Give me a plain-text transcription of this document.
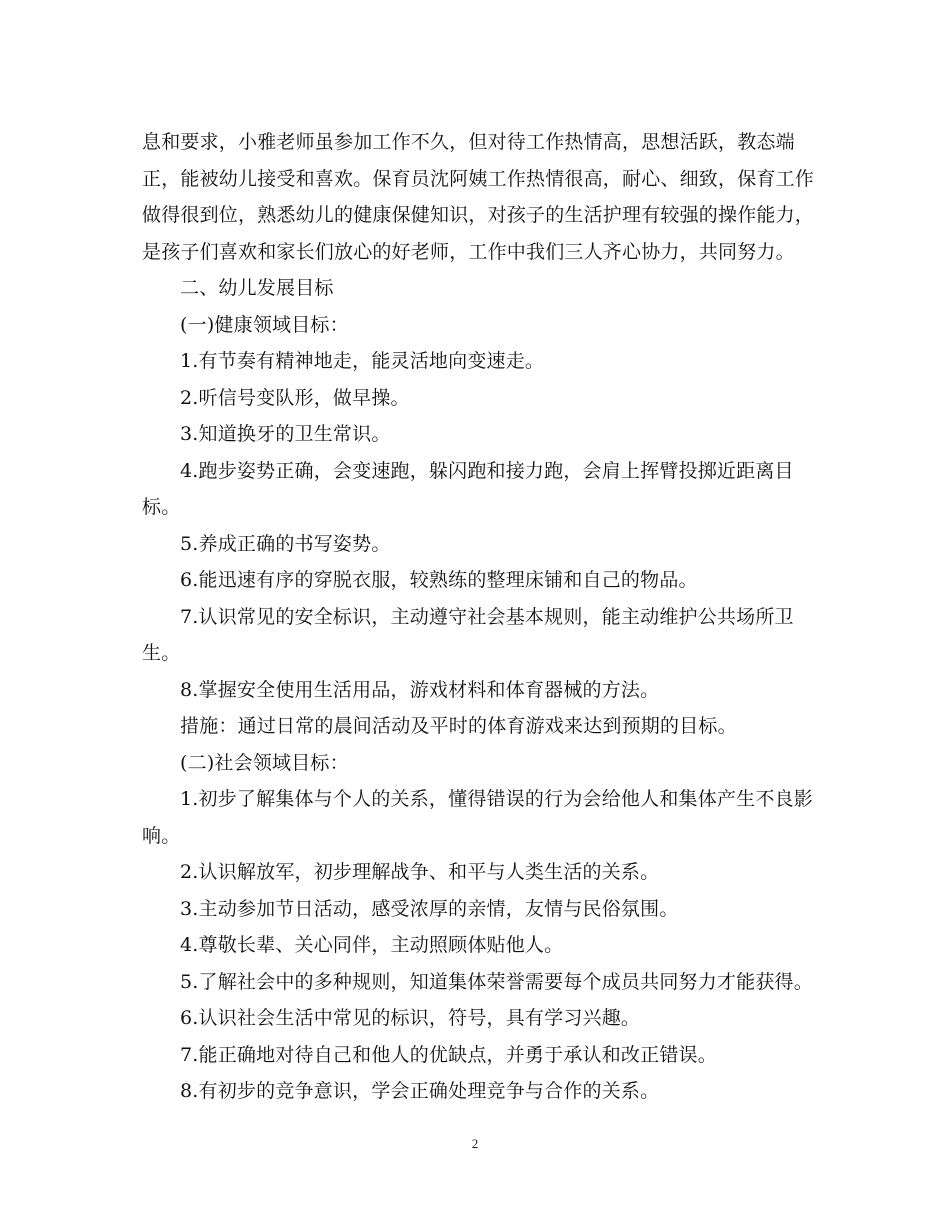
息和要求，小雅老师虽参加工作不久，但对待工作热情高，思想活跃，教态端
正，能被幼儿接受和喜欢。保育员沈阿姨工作热情很高，耐心、细致，保育工作
做得很到位，熟悉幼儿的健康保健知识，对孩子的生活护理有较强的操作能力，
是孩子们喜欢和家长们放心的好老师，工作中我们三人齐心协力，共同努力。
二、幼儿发展目标
(一)健康领域目标：
1.有节奏有精神地走，能灵活地向变速走。
2.听信号变队形，做早操。
3.知道换牙的卫生常识。
4.跑步姿势正确，会变速跑，躲闪跑和接力跑，会肩上挥臂投掷近距离目
标。
5.养成正确的书写姿势。
6.能迅速有序的穿脱衣服，较熟练的整理床铺和自己的物品。
7.认识常见的安全标识，主动遵守社会基本规则，能主动维护公共场所卫
生。
8.掌握安全使用生活用品，游戏材料和体育器械的方法。
措施：通过日常的晨间活动及平时的体育游戏来达到预期的目标。
(二)社会领域目标：
1.初步了解集体与个人的关系，懂得错误的行为会给他人和集体产生不良影
响。
2.认识解放军，初步理解战争、和平与人类生活的关系。
3.主动参加节日活动，感受浓厚的亲情，友情与民俗氛围。
4.尊敬长辈、关心同伴，主动照顾体贴他人。
5.了解社会中的多种规则，知道集体荣誉需要每个成员共同努力才能获得。
6.认识社会生活中常见的标识，符号，具有学习兴趣。
7.能正确地对待自己和他人的优缺点，并勇于承认和改正错误。
8.有初步的竞争意识，学会正确处理竞争与合作的关系。
2
